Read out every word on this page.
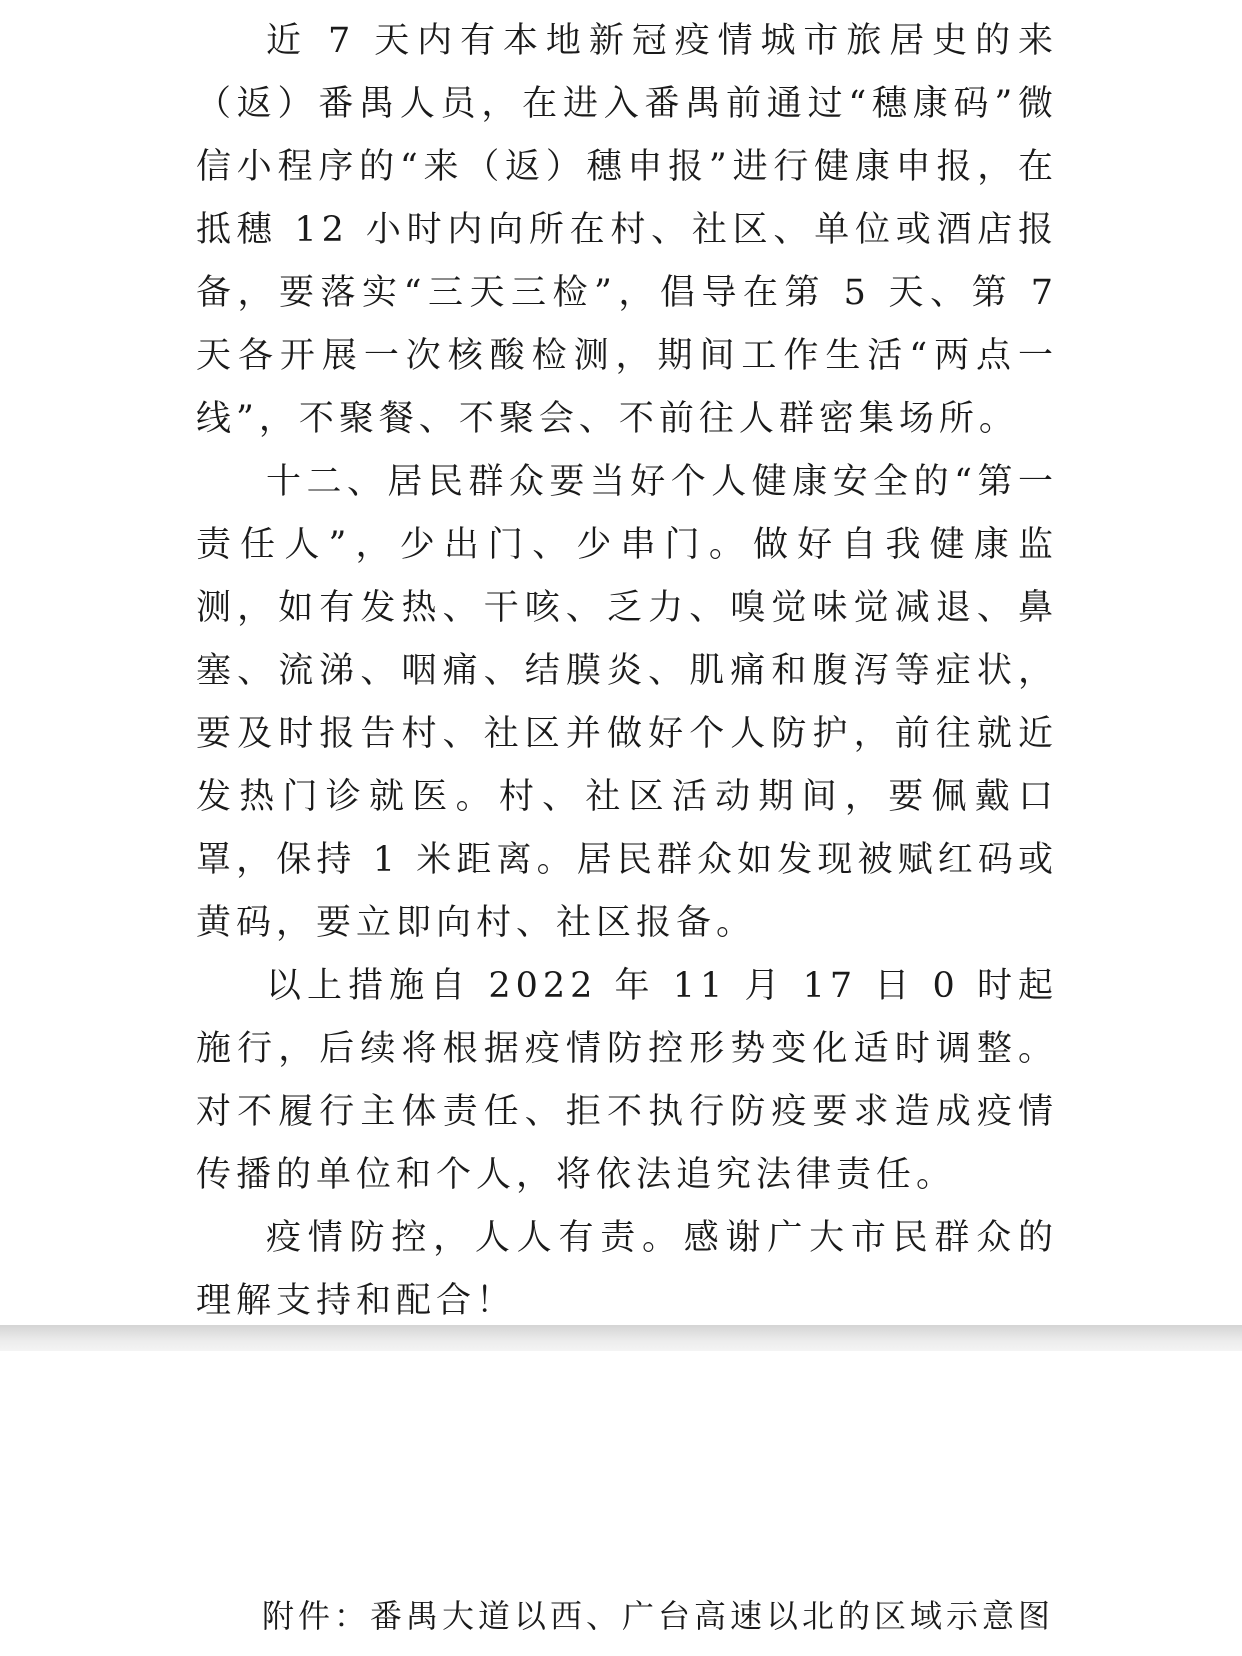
近 7 天内有本地新冠疫情城市旅居史的来（返）番禺人员，在进入番禺前通过“穗康码”微信小程序的“来（返）穗申报”进行健康申报，在抵穗 12 小时内向所在村、社区、单位或酒店报备，要落实“三天三检”，倡导在第 5 天、第 7 天各开展一次核酸检测，期间工作生活“两点一线”，不聚餐、不聚会、不前往人群密集场所。

十二、居民群众要当好个人健康安全的“第一责任人”，少出门、少串门。做好自我健康监测，如有发热、干咳、乏力、嗅觉味觉减退、鼻塞、流涕、咽痛、结膜炎、肌痛和腹泻等症状，要及时报告村、社区并做好个人防护，前往就近发热门诊就医。村、社区活动期间，要佩戴口罩，保持 1 米距离。居民群众如发现被赋红码或黄码，要立即向村、社区报备。

以上措施自 2022 年 11 月 17 日 0 时起施行，后续将根据疫情防控形势变化适时调整。对不履行主体责任、拒不执行防疫要求造成疫情传播的单位和个人，将依法追究法律责任。

疫情防控，人人有责。感谢广大市民群众的理解支持和配合！

附件：番禺大道以西、广台高速以北的区域示意图
